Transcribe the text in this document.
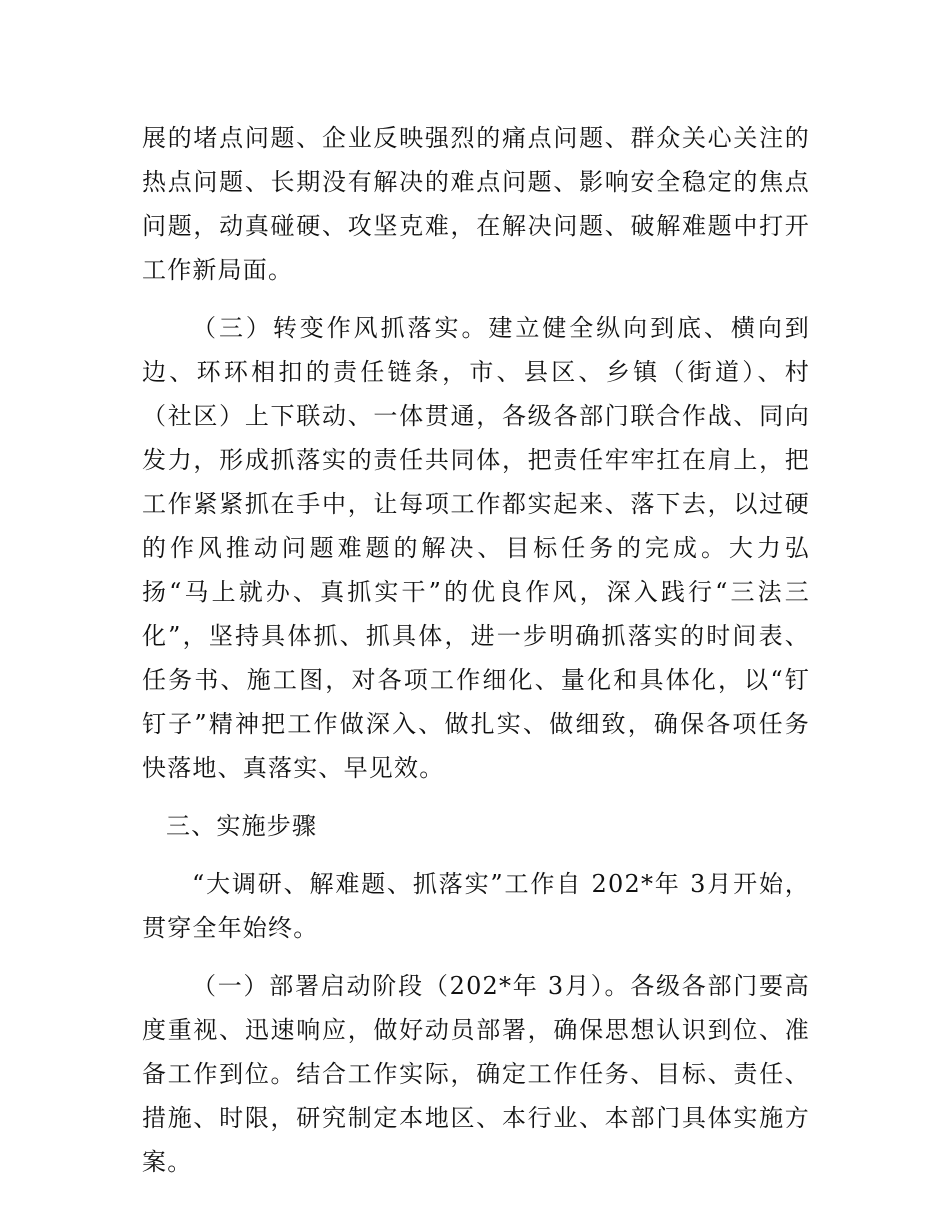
展的堵点问题、企业反映强烈的痛点问题、群众关心关注的热点问题、长期没有解决的难点问题、影响安全稳定的焦点问题，动真碰硬、攻坚克难，在解决问题、破解难题中打开工作新局面。

（三）转变作风抓落实。建立健全纵向到底、横向到边、环环相扣的责任链条，市、县区、乡镇（街道）、村（社区）上下联动、一体贯通，各级各部门联合作战、同向发力，形成抓落实的责任共同体，把责任牢牢扛在肩上，把工作紧紧抓在手中，让每项工作都实起来、落下去，以过硬的作风推动问题难题的解决、目标任务的完成。大力弘扬“马上就办、真抓实干”的优良作风，深入践行“三法三化”，坚持具体抓、抓具体，进一步明确抓落实的时间表、任务书、施工图，对各项工作细化、量化和具体化，以“钉钉子”精神把工作做深入、做扎实、做细致，确保各项任务快落地、真落实、早见效。

三、实施步骤

“大调研、解难题、抓落实”工作自 202*年 3月开始，贯穿全年始终。

（一）部署启动阶段（202*年 3月）。各级各部门要高度重视、迅速响应，做好动员部署，确保思想认识到位、准备工作到位。结合工作实际，确定工作任务、目标、责任、措施、时限，研究制定本地区、本行业、本部门具体实施方案。
